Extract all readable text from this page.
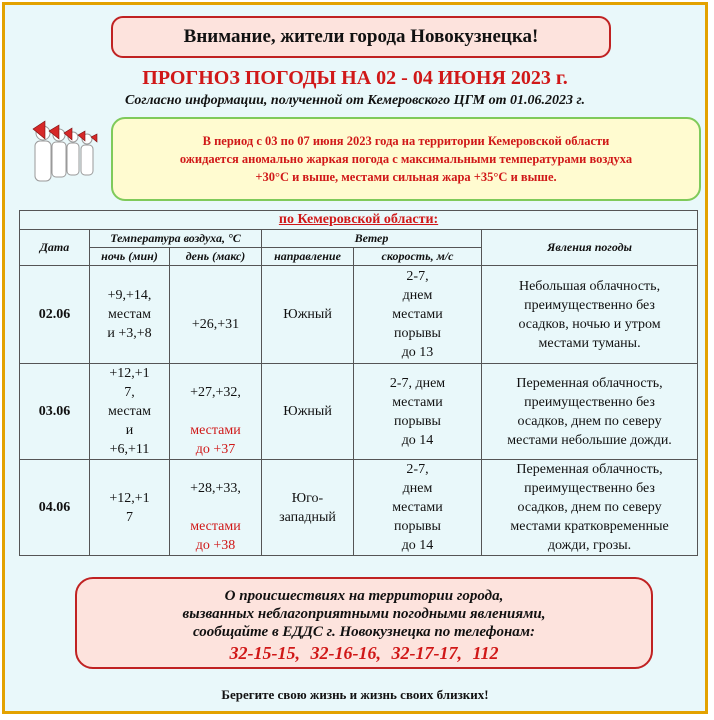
Внимание, жители города Новокузнецка!
ПРОГНОЗ ПОГОДЫ НА 02 - 04 ИЮНЯ 2023 г.
Согласно информации, полученной от Кемеровского ЦГМ от 01.06.2023 г.
В период с 03 по 07 июня 2023 года на территории Кемеровской области
ожидается аномально жаркая погода с максимальными температурами воздуха
+30°С и выше, местами сильная жара +35°С и выше.
по Кемеровской области:					
Дата	Температура воздуха, °С		Ветер		Явления погоды
	ночь (мин)	день (макс)	направление	скорость, м/с	
02.06	+9,+14,
местам
и +3,+8	+26,+31	Южный	2-7,
днем
местами
порывы
до 13	Небольшая облачность,
преимущественно без
осадков, ночью и утром
местами туманы.
03.06	+12,+1
7,
местам
и
+6,+11	+27,+32,

местами
до +37	Южный	2-7, днем
местами
порывы
до 14	Переменная облачность,
преимущественно без
осадков, днем по северу
местами небольшие дожди.
04.06	+12,+1
7	+28,+33,

местами
до +38	Юго-
западный	2-7,
днем
местами
порывы
до 14	Переменная облачность,
преимущественно без
осадков, днем по северу
местами кратковременные
дожди, грозы.
О происшествиях на территории города,
вызванных неблагоприятными погодными явлениями,
сообщайте в ЕДДС г. Новокузнецка по телефонам:
32-15-15, 32-16-16, 32-17-17, 112
Берегите свою жизнь и жизнь своих близких!
